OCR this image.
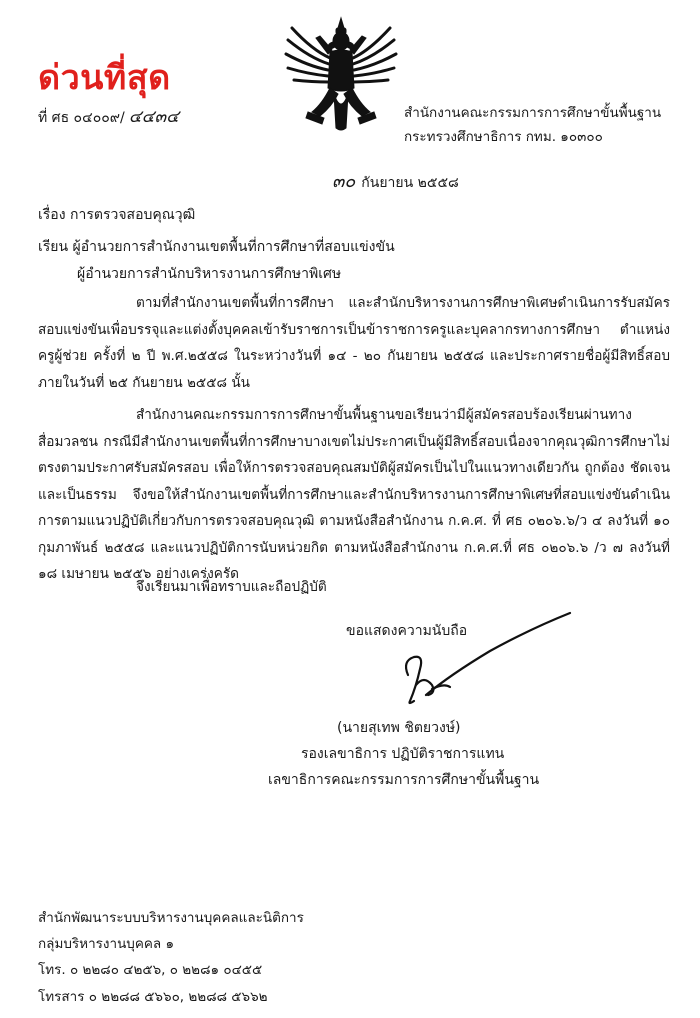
ด่วนที่สุด
ที่ ศธ ๐๔๐๐๙/ ๔๔๓๔	สำนักงานคณะกรรมการการศึกษาขั้นพื้นฐาน
กระทรวงศึกษาธิการ กทม. ๑๐๓๐๐
๓๐ กันยายน ๒๕๕๘
เรื่อง การตรวจสอบคุณวุฒิ
เรียน ผู้อำนวยการสำนักงานเขตพื้นที่การศึกษาที่สอบแข่งขัน
ผู้อำนวยการสำนักบริหารงานการศึกษาพิเศษ
ตามที่สำนักงานเขตพื้นที่การศึกษา และสำนักบริหารงานการศึกษาพิเศษดำเนินการรับสมัครสอบแข่งขันเพื่อบรรจุและแต่งตั้งบุคคลเข้ารับราชการเป็นข้าราชการครูและบุคลากรทางการศึกษา ตำแหน่งครูผู้ช่วย ครั้งที่ ๒ ปี พ.ศ.๒๕๕๘ ในระหว่างวันที่ ๑๔ - ๒๐ กันยายน ๒๕๕๘ และประกาศรายชื่อผู้มีสิทธิ์สอบภายในวันที่ ๒๕ กันยายน ๒๕๕๘ นั้น
สำนักงานคณะกรรมการการศึกษาขั้นพื้นฐานขอเรียนว่ามีผู้สมัครสอบร้องเรียนผ่านทางสื่อมวลชน กรณีมีสำนักงานเขตพื้นที่การศึกษาบางเขตไม่ประกาศเป็นผู้มีสิทธิ์สอบเนื่องจากคุณวุฒิการศึกษาไม่ตรงตามประกาศรับสมัครสอบ เพื่อให้การตรวจสอบคุณสมบัติผู้สมัครเป็นไปในแนวทางเดียวกัน ถูกต้อง ชัดเจนและเป็นธรรม จึงขอให้สำนักงานเขตพื้นที่การศึกษาและสำนักบริหารงานการศึกษาพิเศษที่สอบแข่งขันดำเนินการตามแนวปฏิบัติเกี่ยวกับการตรวจสอบคุณวุฒิ ตามหนังสือสำนักงาน ก.ค.ศ. ที่ ศธ ๐๒๐๖.๖/ว ๔ ลงวันที่ ๑๐ กุมภาพันธ์ ๒๕๕๘ และแนวปฏิบัติการนับหน่วยกิต ตามหนังสือสำนักงาน ก.ค.ศ.ที่ ศธ ๐๒๐๖.๖ /ว ๗ ลงวันที่ ๑๘ เมษายน ๒๕๕๖ อย่างเคร่งครัด
จึงเรียนมาเพื่อทราบและถือปฏิบัติ
ขอแสดงความนับถือ
(นายสุเทพ ชิตยวงษ์)
รองเลขาธิการ ปฏิบัติราชการแทน
เลขาธิการคณะกรรมการการศึกษาขั้นพื้นฐาน
สำนักพัฒนาระบบบริหารงานบุคคลและนิติการ
กลุ่มบริหารงานบุคคล ๑
โทร. ๐ ๒๒๘๐ ๔๒๕๖, ๐ ๒๒๘๑ ๐๔๕๕
โทรสาร ๐ ๒๒๘๘ ๕๖๖๐, ๒๒๘๘ ๕๖๖๒
